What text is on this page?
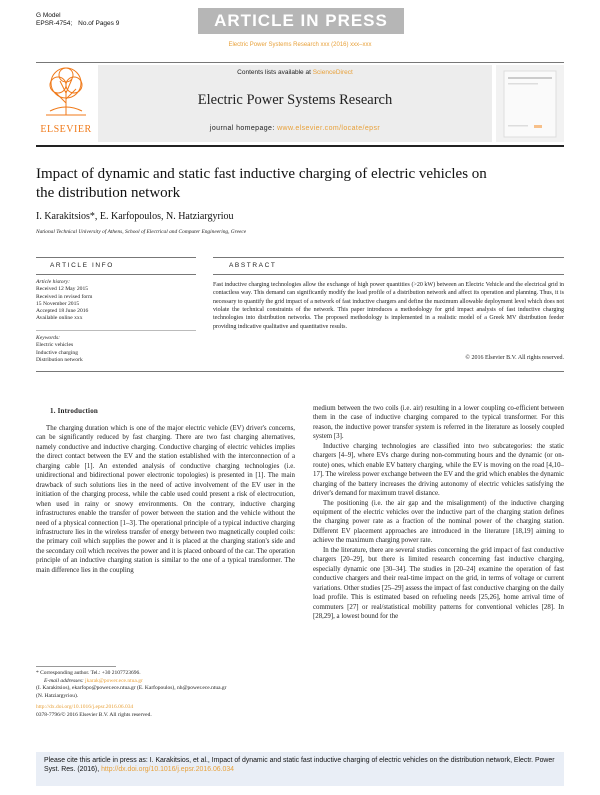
G Model
EPSR-4754; No.of Pages 9	ARTICLE IN PRESS
Electric Power Systems Research xxx (2016) xxx–xxx
ELSEVIER
Contents lists available at ScienceDirect
Electric Power Systems Research
journal homepage: www.elsevier.com/locate/epsr
Impact of dynamic and static fast inductive charging of electric vehicles on the distribution network
I. Karakitsios*, E. Karfopoulos, N. Hatziargyriou
National Technical University of Athens, School of Electrical and Computer Engineering, Greece
ARTICLE INFO
Article history:
Received 12 May 2015
Received in revised form
15 November 2015
Accepted 18 June 2016
Available online xxx
Keywords:
Electric vehicles
Inductive charging
Distribution network
ABSTRACT
Fast inductive charging technologies allow the exchange of high power quantities (>20 kW) between an Electric Vehicle and the electrical grid in contactless way. This demand can significantly modify the load profile of a distribution network and affect its operation and planning. Thus, it is necessary to quantify the grid impact of a network of fast inductive chargers and define the maximum allowable deployment level which does not violate the technical constraints of the network. This paper introduces a methodology for grid impact analysis of fast inductive charging technologies into distribution networks. The proposed methodology is implemented in a realistic model of a Greek MV distribution feeder providing indicative qualitative and quantitative results.
© 2016 Elsevier B.V. All rights reserved.
1. Introduction

The charging duration which is one of the major electric vehicle (EV) driver's concerns, can be significantly reduced by fast charging. There are two fast charging alternatives, namely conductive and inductive charging. Conductive charging of electric vehicles implies the direct contact between the EV and the station established with the interconnection of a charging cable [1]. An extended analysis of conductive charging technologies (i.e. unidirectional and bidirectional power electronic topologies) is presented in [1]. The main drawback of such solutions lies in the need of active involvement of the EV user in the initiation of the charging process, while the cable used could present a risk of electrocution, when used in rainy or snowy environments. On the contrary, inductive charging infrastructures enable the transfer of power between the station and the vehicle without the need of a physical connection [1–3]. The operational principle of a typical inductive charging infrastructure lies in the wireless transfer of energy between two magnetically coupled coils: the primary coil which supplies the power and it is placed at the charging station's side and the secondary coil which receives the power and it is placed onboard of the car. The operation principle of an inductive charging station is similar to the one of a typical transformer. The main difference lies in the coupling

medium between the two coils (i.e. air) resulting in a lower coupling co-efficient between them in the case of inductive charging compared to the typical transformer. For this reason, the inductive power transfer system is referred in the literature as loosely coupled system [3].

Inductive charging technologies are classified into two subcategories: the static chargers [4–9], where EVs charge during non-commuting hours and the dynamic (or on-route) ones, which enable EV battery charging, while the EV is moving on the road [4,10–17]. The wireless power exchange between the EV and the grid which enables the dynamic charging of the battery increases the driving autonomy of electric vehicles satisfying the driver's demand for maximum travel distance.

The positioning (i.e. the air gap and the misalignment) of the inductive charging equipment of the electric vehicles over the inductive part of the charging station defines the charging power rate as a fraction of the nominal power of the charging station. Different EV placement approaches are introduced in the literature [18,19] aiming to achieve the maximum charging power rate.

In the literature, there are several studies concerning the grid impact of fast conductive chargers [20–29], but there is limited research concerning fast inductive charging, especially dynamic one [30–34]. The studies in [20–24] examine the operation of fast conductive chargers and their real-time impact on the grid, in terms of voltage or current variations. Other studies [25–29] assess the impact of fast conductive charging on the daily load profile. This is estimated based on refueling needs [25,26], home arrival time of commuters [27] or real/statistical mobility patterns for conventional vehicles [28]. In [28,29], a lowest bound for the

* Corresponding author. Tel.: +30 2107723696.
E-mail addresses: jkarak@power.ece.ntua.gr
(I. Karakitsios), ekarfopo@power.ece.ntua.gr (E. Karfopoulos), nh@power.ece.ntua.gr
(N. Hatziargyriou).
http://dx.doi.org/10.1016/j.epsr.2016.06.034
0378-7796/© 2016 Elsevier B.V. All rights reserved.
Please cite this article in press as: I. Karakitsios, et al., Impact of dynamic and static fast inductive charging of electric vehicles on the distribution network, Electr. Power Syst. Res. (2016), http://dx.doi.org/10.1016/j.epsr.2016.06.034
